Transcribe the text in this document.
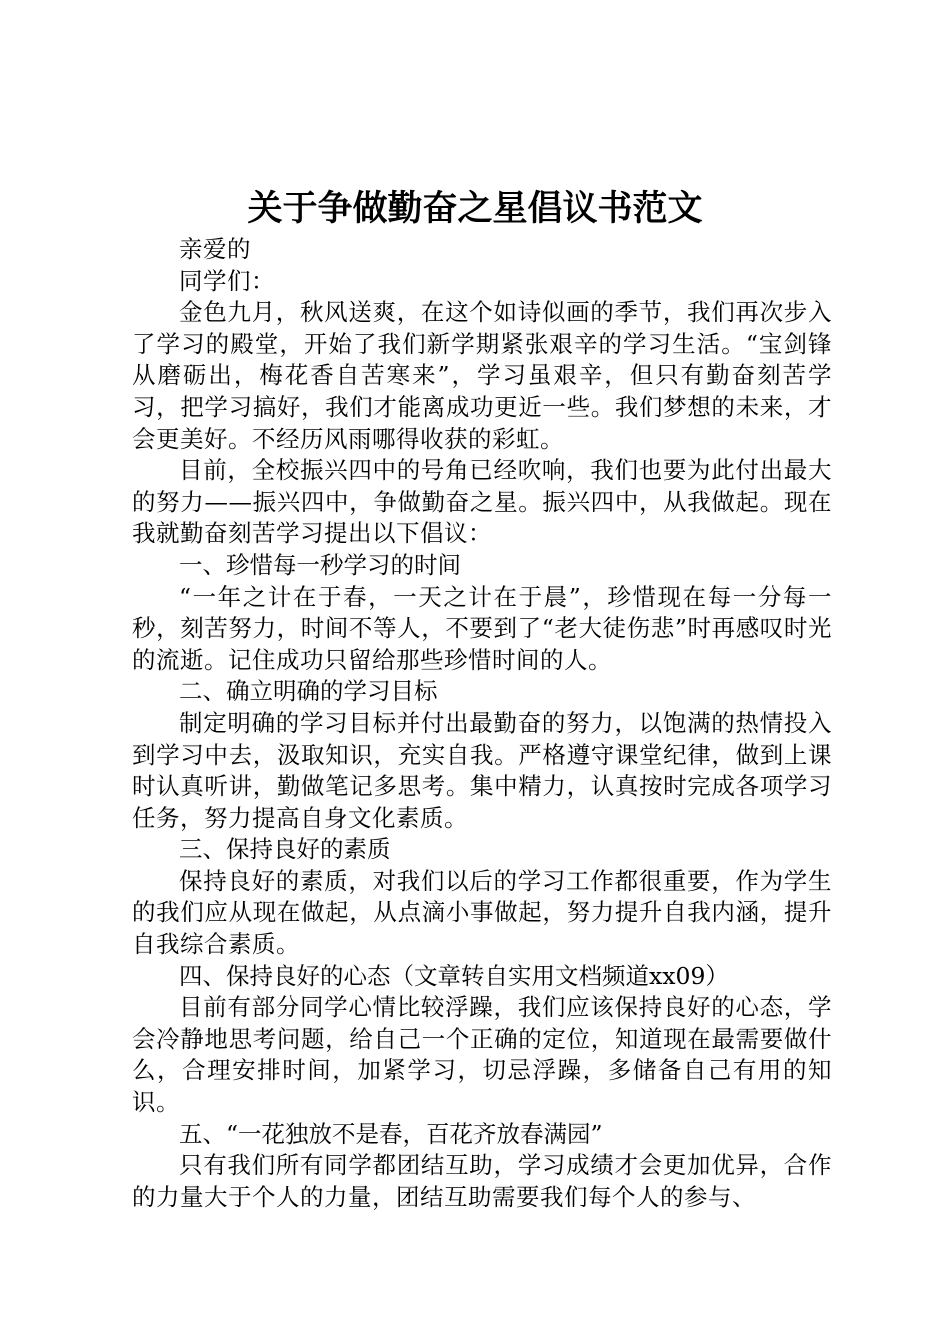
关于争做勤奋之星倡议书范文

亲爱的

同学们：

金色九月，秋风送爽，在这个如诗似画的季节，我们再次步入了学习的殿堂，开始了我们新学期紧张艰辛的学习生活。“宝剑锋从磨砺出，梅花香自苦寒来”，学习虽艰辛，但只有勤奋刻苦学习，把学习搞好，我们才能离成功更近一些。我们梦想的未来，才会更美好。不经历风雨哪得收获的彩虹。

目前，全校振兴四中的号角已经吹响，我们也要为此付出最大的努力——振兴四中，争做勤奋之星。振兴四中，从我做起。现在我就勤奋刻苦学习提出以下倡议：

一、珍惜每一秒学习的时间

“一年之计在于春，一天之计在于晨”，珍惜现在每一分每一秒，刻苦努力，时间不等人，不要到了“老大徒伤悲”时再感叹时光的流逝。记住成功只留给那些珍惜时间的人。

二、确立明确的学习目标

制定明确的学习目标并付出最勤奋的努力，以饱满的热情投入到学习中去，汲取知识，充实自我。严格遵守课堂纪律，做到上课时认真听讲，勤做笔记多思考。集中精力，认真按时完成各项学习任务，努力提高自身文化素质。

三、保持良好的素质

保持良好的素质，对我们以后的学习工作都很重要，作为学生的我们应从现在做起，从点滴小事做起，努力提升自我内涵，提升自我综合素质。

四、保持良好的心态（文章转自实用文档频道xx09）

目前有部分同学心情比较浮躁，我们应该保持良好的心态，学会冷静地思考问题，给自己一个正确的定位，知道现在最需要做什么，合理安排时间，加紧学习，切忌浮躁，多储备自己有用的知识。

五、“一花独放不是春，百花齐放春满园”

只有我们所有同学都团结互助，学习成绩才会更加优异，合作的力量大于个人的力量，团结互助需要我们每个人的参与、
